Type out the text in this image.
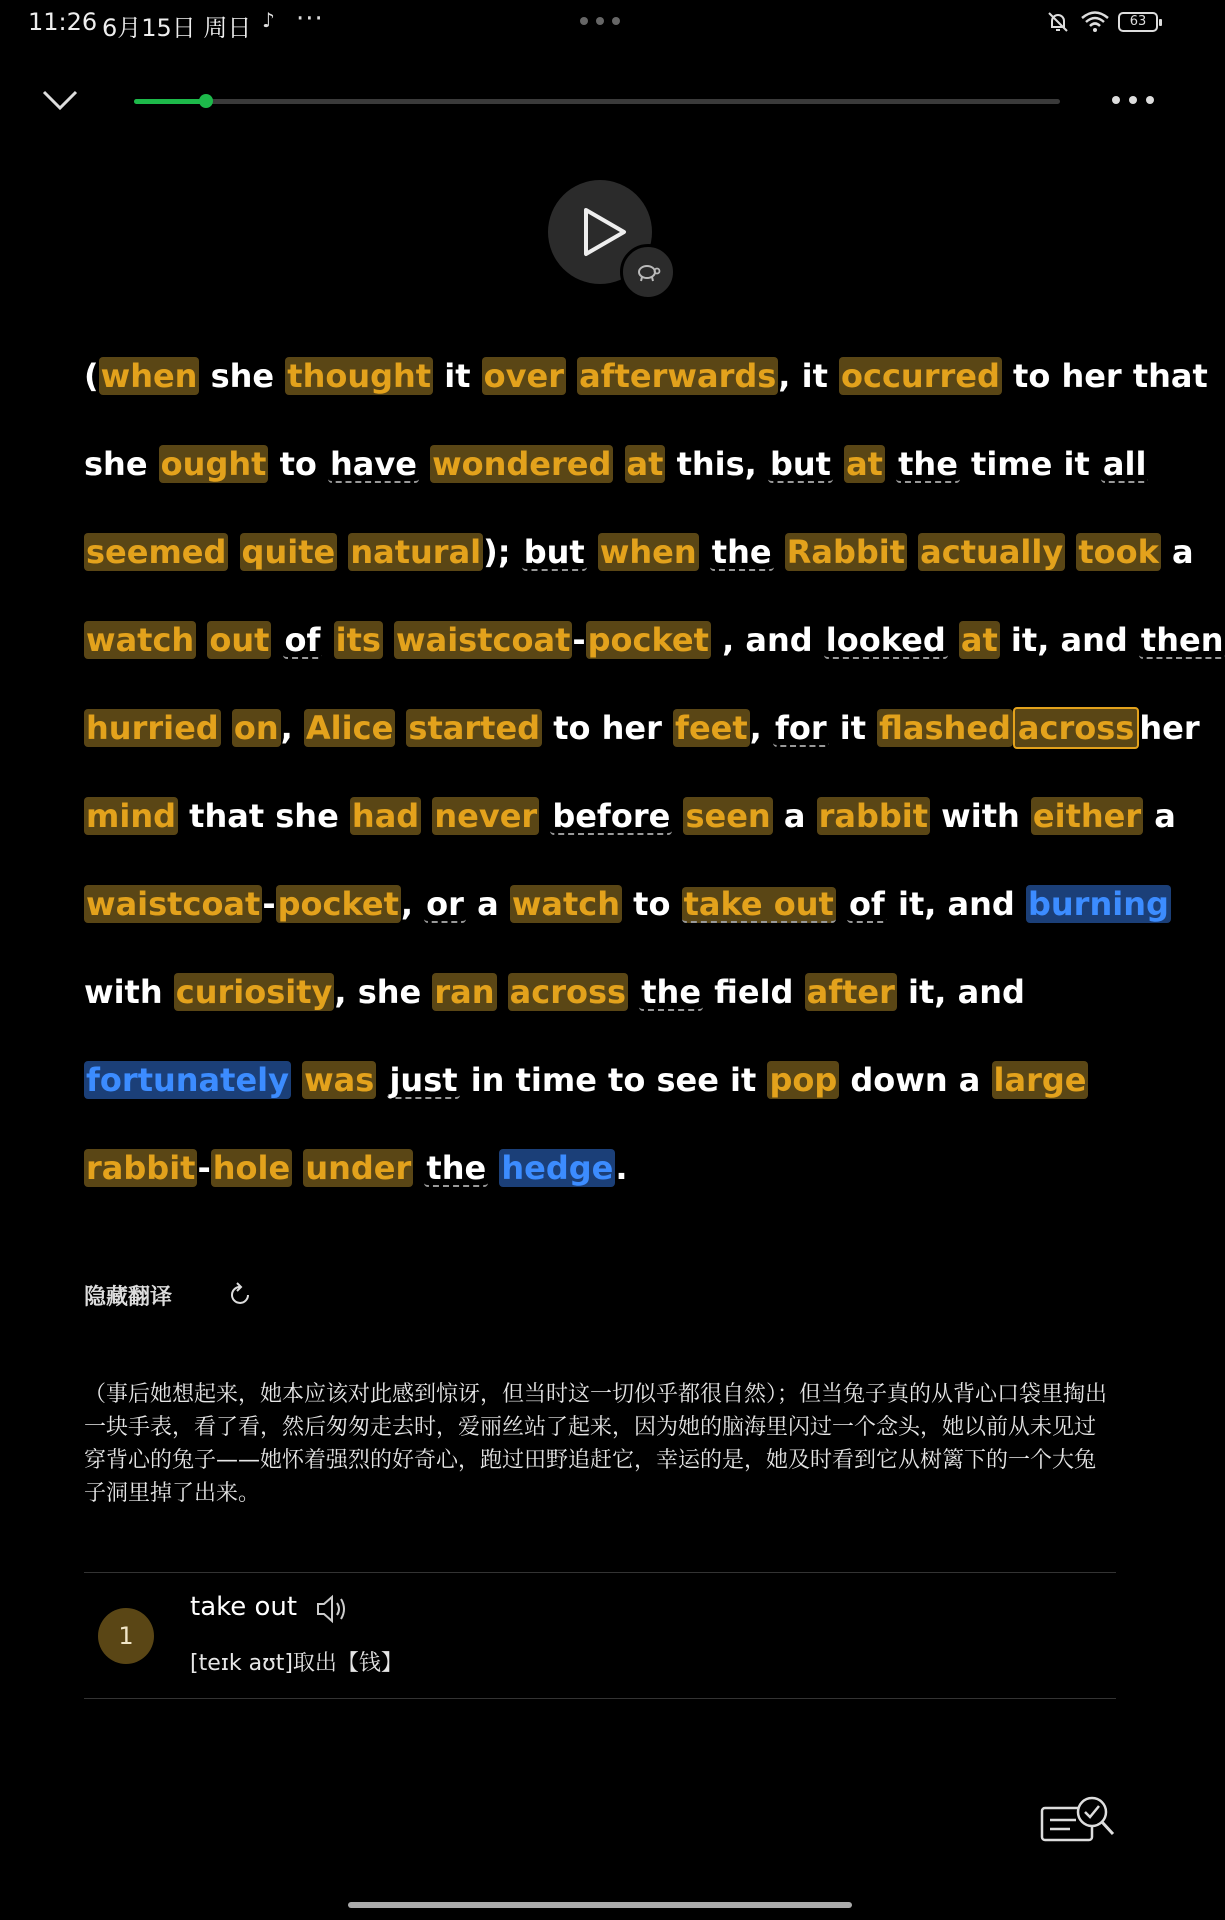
11:26 6月15日 周日 ♪ ···	63
(when she thought it over afterwards, it occurred to her that
she ought to have wondered at this, but at the time it all
seemed quite natural); but when the Rabbit actually took a
watch out of its waistcoat-pocket , and looked at it, and then
hurried on, Alice started to her feet, for it flashed across her
mind that she had never before seen a rabbit with either a
waistcoat-pocket, or a watch to take out of it, and burning
with curiosity, she ran across the field after it, and
fortunately was just in time to see it pop down a large
rabbit-hole under the hedge.
隐藏翻译
（事后她想起来，她本应该对此感到惊讶，但当时这一切似乎都很自然）；但当兔子真的从背心口袋里掏出一块手表，看了看，然后匆匆走去时，爱丽丝站了起来，因为她的脑海里闪过一个念头，她以前从未见过穿背心的兔子——她怀着强烈的好奇心，跑过田野追赶它，幸运的是，她及时看到它从树篱下的一个大兔子洞里掉了出来。
1
take out
[teɪk aʊt]取出【钱】
